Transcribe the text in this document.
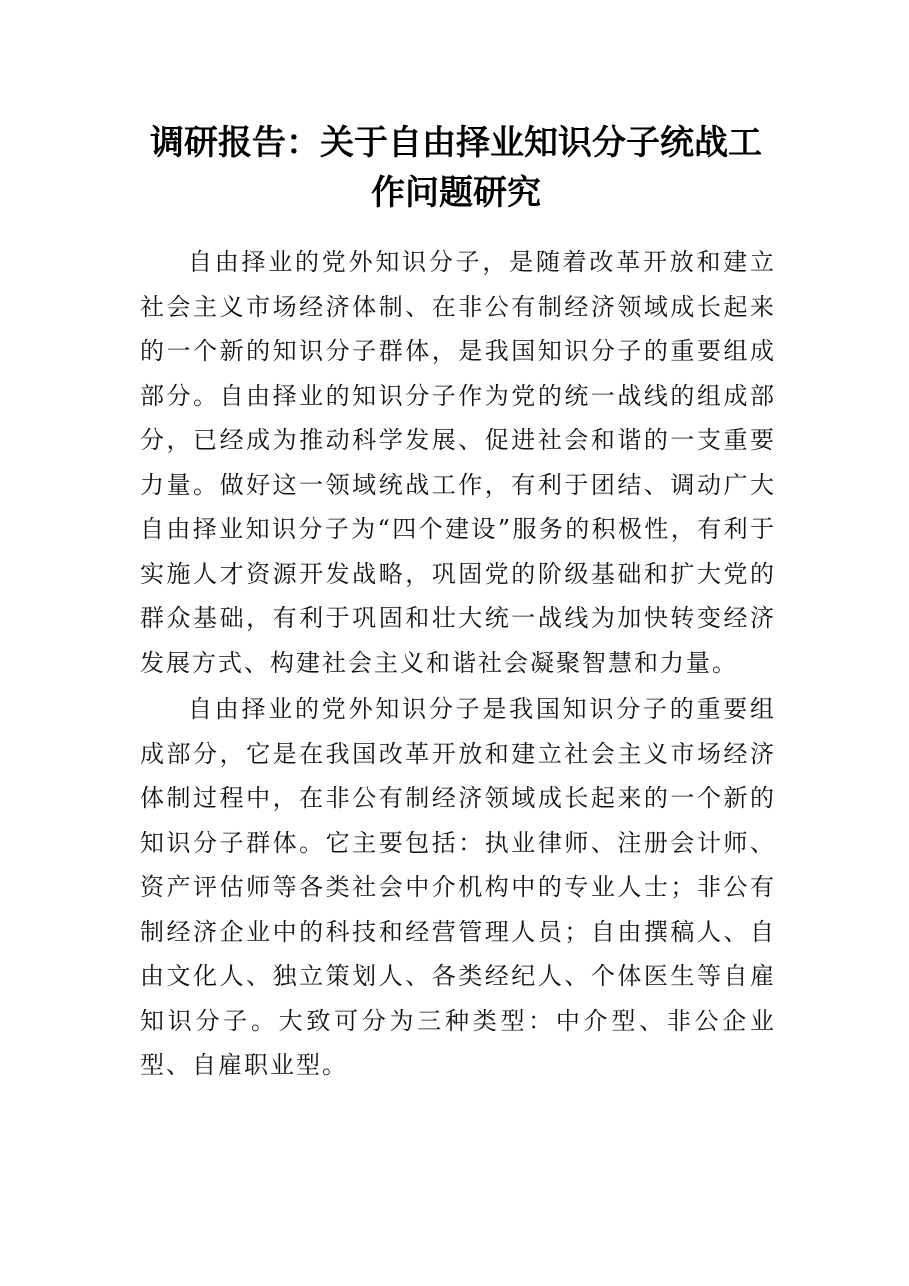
调研报告：关于自由择业知识分子统战工
作问题研究

自由择业的党外知识分子，是随着改革开放和建立社会主义市场经济体制、在非公有制经济领域成长起来的一个新的知识分子群体，是我国知识分子的重要组成部分。自由择业的知识分子作为党的统一战线的组成部分，已经成为推动科学发展、促进社会和谐的一支重要力量。做好这一领域统战工作，有利于团结、调动广大自由择业知识分子为“四个建设”服务的积极性，有利于实施人才资源开发战略，巩固党的阶级基础和扩大党的群众基础，有利于巩固和壮大统一战线为加快转变经济发展方式、构建社会主义和谐社会凝聚智慧和力量。

自由择业的党外知识分子是我国知识分子的重要组成部分，它是在我国改革开放和建立社会主义市场经济体制过程中，在非公有制经济领域成长起来的一个新的知识分子群体。它主要包括：执业律师、注册会计师、资产评估师等各类社会中介机构中的专业人士；非公有制经济企业中的科技和经营管理人员；自由撰稿人、自由文化人、独立策划人、各类经纪人、个体医生等自雇知识分子。大致可分为三种类型：中介型、非公企业型、自雇职业型。
